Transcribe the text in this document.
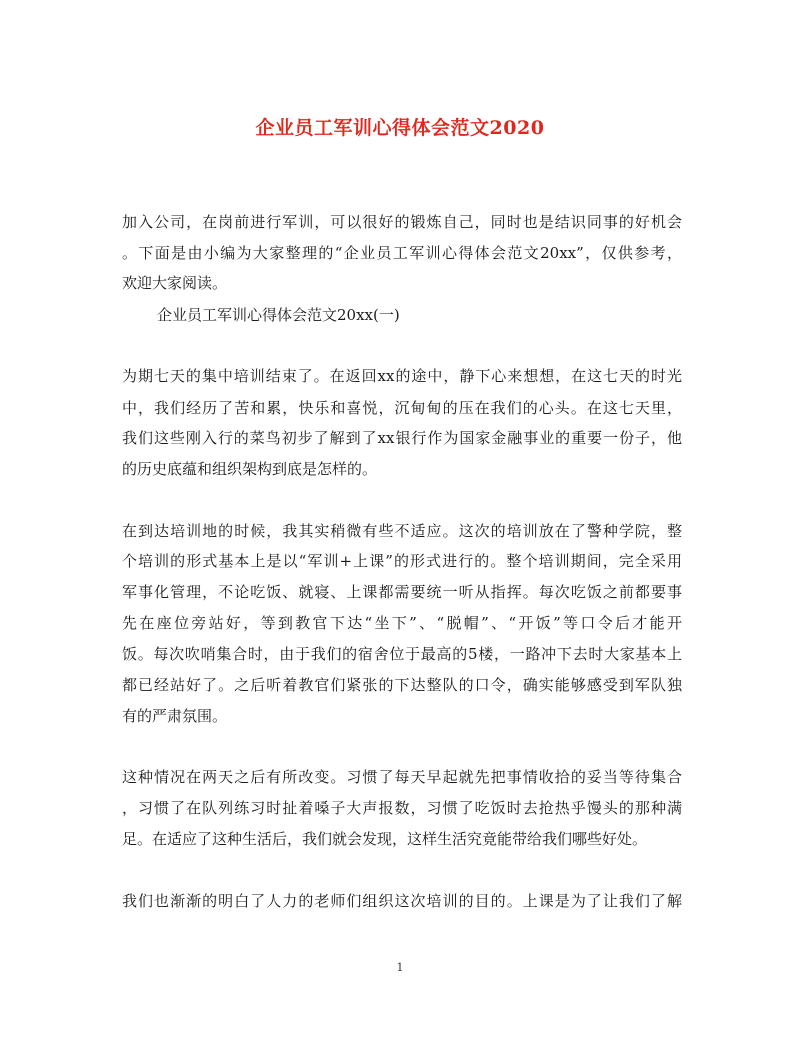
企业员工军训心得体会范文2020
加入公司，在岗前进行军训，可以很好的锻炼自己，同时也是结识同事的好机会
。下面是由小编为大家整理的“企业员工军训心得体会范文20xx”，仅供参考，
欢迎大家阅读。
企业员工军训心得体会范文20xx(一)
为期七天的集中培训结束了。在返回xx的途中，静下心来想想，在这七天的时光
中，我们经历了苦和累，快乐和喜悦，沉甸甸的压在我们的心头。在这七天里，
我们这些刚入行的菜鸟初步了解到了xx银行作为国家金融事业的重要一份子，他
的历史底蕴和组织架构到底是怎样的。
在到达培训地的时候，我其实稍微有些不适应。这次的培训放在了警种学院，整
个培训的形式基本上是以“军训+上课”的形式进行的。整个培训期间，完全采用
军事化管理，不论吃饭、就寝、上课都需要统一听从指挥。每次吃饭之前都要事
先在座位旁站好，等到教官下达“坐下”、“脱帽”、“开饭”等口令后才能开
饭。每次吹哨集合时，由于我们的宿舍位于最高的5楼，一路冲下去时大家基本上
都已经站好了。之后听着教官们紧张的下达整队的口令，确实能够感受到军队独
有的严肃氛围。
这种情况在两天之后有所改变。习惯了每天早起就先把事情收拾的妥当等待集合
，习惯了在队列练习时扯着嗓子大声报数，习惯了吃饭时去抢热乎馒头的那种满
足。在适应了这种生活后，我们就会发现，这样生活究竟能带给我们哪些好处。
我们也渐渐的明白了人力的老师们组织这次培训的目的。上课是为了让我们了解
1
